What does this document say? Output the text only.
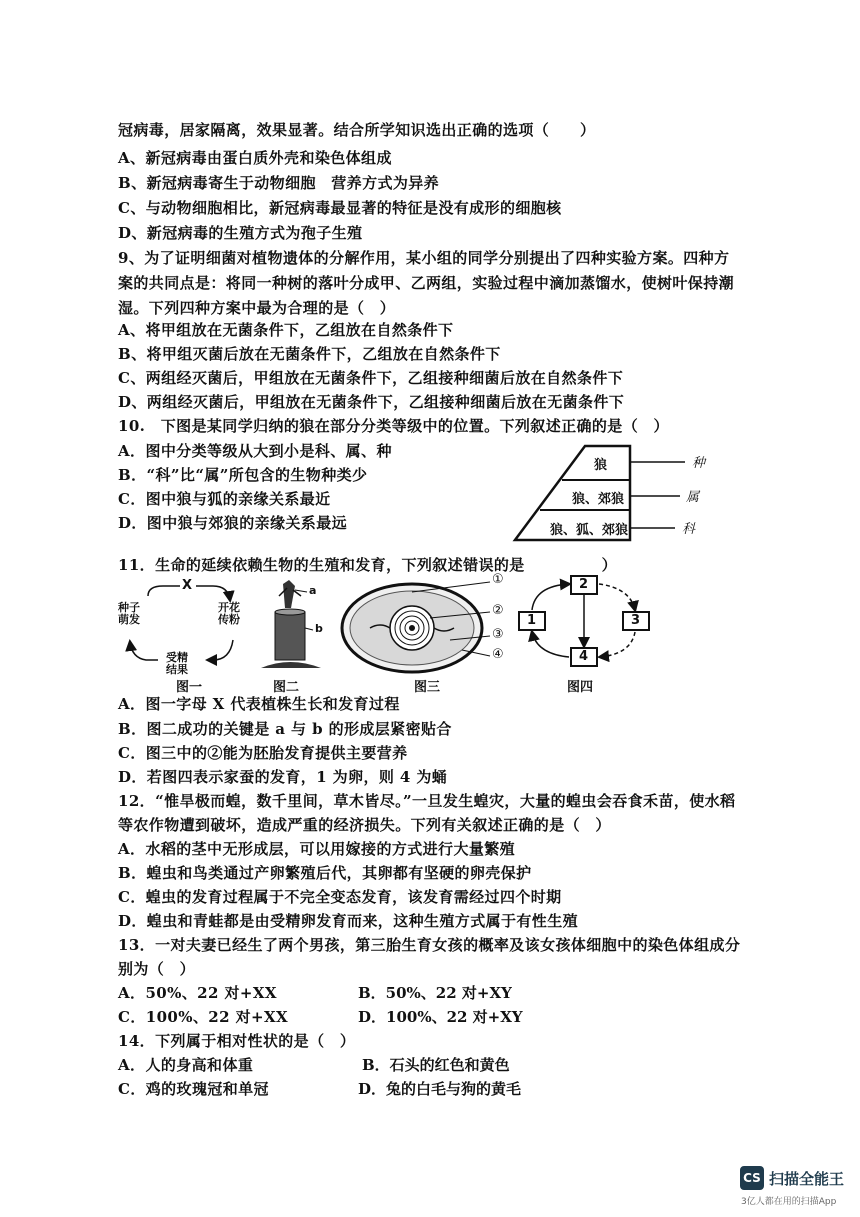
冠病毒，居家隔离，效果显著。结合所学知识选出正确的选项（　　）
A、新冠病毒由蛋白质外壳和染色体组成
B、新冠病毒寄生于动物细胞　营养方式为异养
C、与动物细胞相比，新冠病毒最显著的特征是没有成形的细胞核
D、新冠病毒的生殖方式为孢子生殖
9、为了证明细菌对植物遗体的分解作用，某小组的同学分别提出了四种实验方案。四种方
案的共同点是：将同一种树的落叶分成甲、乙两组，实验过程中滴加蒸馏水，使树叶保持潮
湿。下列四种方案中最为合理的是（　）
A、将甲组放在无菌条件下，乙组放在自然条件下
B、将甲组灭菌后放在无菌条件下，乙组放在自然条件下
C、两组经灭菌后，甲组放在无菌条件下，乙组接种细菌后放在自然条件下
D、两组经灭菌后，甲组放在无菌条件下，乙组接种细菌后放在无菌条件下
10.　下图是某同学归纳的狼在部分分类等级中的位置。下列叙述正确的是（　）
A．图中分类等级从大到小是科、属、种
B．“科”比“属”所包含的生物种类少
C．图中狼与狐的亲缘关系最近
D．图中狼与郊狼的亲缘关系最远
狼
狼、郊狼
狼、狐、郊狼
种
属
科
11．生命的延续依赖生物的生殖和发育，下列叙述错误的是　　　　　）
X
种子
萌发
开花
传粉
受精
结果
图一
a
b
图二
①
②
③
④
图三
2
1	3
4
图四
A．图一字母 X 代表植株生长和发育过程
B．图二成功的关键是 a 与 b 的形成层紧密贴合
C．图三中的②能为胚胎发育提供主要营养
D．若图四表示家蚕的发育，1 为卵，则 4 为蛹
12．“惟旱极而蝗，数千里间，草木皆尽。”一旦发生蝗灾，大量的蝗虫会吞食禾苗，使水稻
等农作物遭到破坏，造成严重的经济损失。下列有关叙述正确的是（　）
A．水稻的茎中无形成层，可以用嫁接的方式进行大量繁殖
B．蝗虫和鸟类通过产卵繁殖后代，其卵都有坚硬的卵壳保护
C．蝗虫的发育过程属于不完全变态发育，该发育需经过四个时期
D．蝗虫和青蛙都是由受精卵发育而来，这种生殖方式属于有性生殖
13．一对夫妻已经生了两个男孩，第三胎生育女孩的概率及该女孩体细胞中的染色体组成分
别为（　）
A．50%、22 对+XX	B．50%、22 对+XY
C．100%、22 对+XX	D．100%、22 对+XY
14．下列属于相对性状的是（　）
A．人的身高和体重	B．石头的红色和黄色
C．鸡的玫瑰冠和单冠	D．兔的白毛与狗的黄毛
CS 扫描全能王
3亿人都在用的扫描App
